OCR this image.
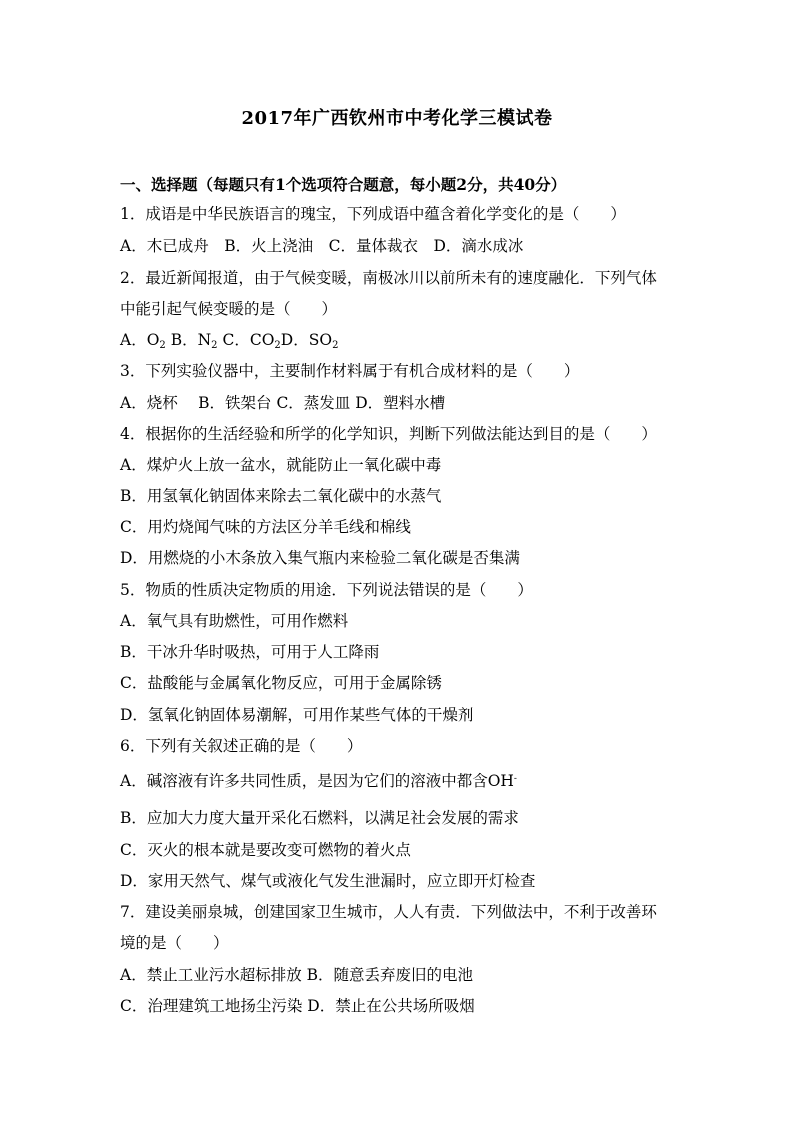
2017年广西钦州市中考化学三模试卷
一、选择题（每题只有1个选项符合题意，每小题2分，共40分）
1．成语是中华民族语言的瑰宝，下列成语中蕴含着化学变化的是（　　）
A．木已成舟　B．火上浇油　C．量体裁衣　D．滴水成冰
2．最近新闻报道，由于气候变暖，南极冰川以前所未有的速度融化．下列气体
中能引起气候变暖的是（　　）
A．$O_2$ B．$N_2$ C．$CO_2D$．$SO_2$
3．下列实验仪器中，主要制作材料属于有机合成材料的是（　　）
A．烧杯　 B．铁架台 C．蒸发皿 D．塑料水槽
4．根据你的生活经验和所学的化学知识，判断下列做法能达到目的是（　　）
A．煤炉火上放一盆水，就能防止一氧化碳中毒
B．用氢氧化钠固体来除去二氧化碳中的水蒸气
C．用灼烧闻气味的方法区分羊毛线和棉线
D．用燃烧的小木条放入集气瓶内来检验二氧化碳是否集满
5．物质的性质决定物质的用途．下列说法错误的是（　　）
A．氧气具有助燃性，可用作燃料
B．干冰升华时吸热，可用于人工降雨
C．盐酸能与金属氧化物反应，可用于金属除锈
D．氢氧化钠固体易潮解，可用作某些气体的干燥剂
6．下列有关叙述正确的是（　　）
A．碱溶液有许多共同性质，是因为它们的溶液中都含OH-
B．应加大力度大量开采化石燃料，以满足社会发展的需求
C．灭火的根本就是要改变可燃物的着火点
D．家用天然气、煤气或液化气发生泄漏时，应立即开灯检查
7．建设美丽泉城，创建国家卫生城市，人人有责．下列做法中，不利于改善环
境的是（　　）
A．禁止工业污水超标排放 B．随意丢弃废旧的电池
C．治理建筑工地扬尘污染 D．禁止在公共场所吸烟
